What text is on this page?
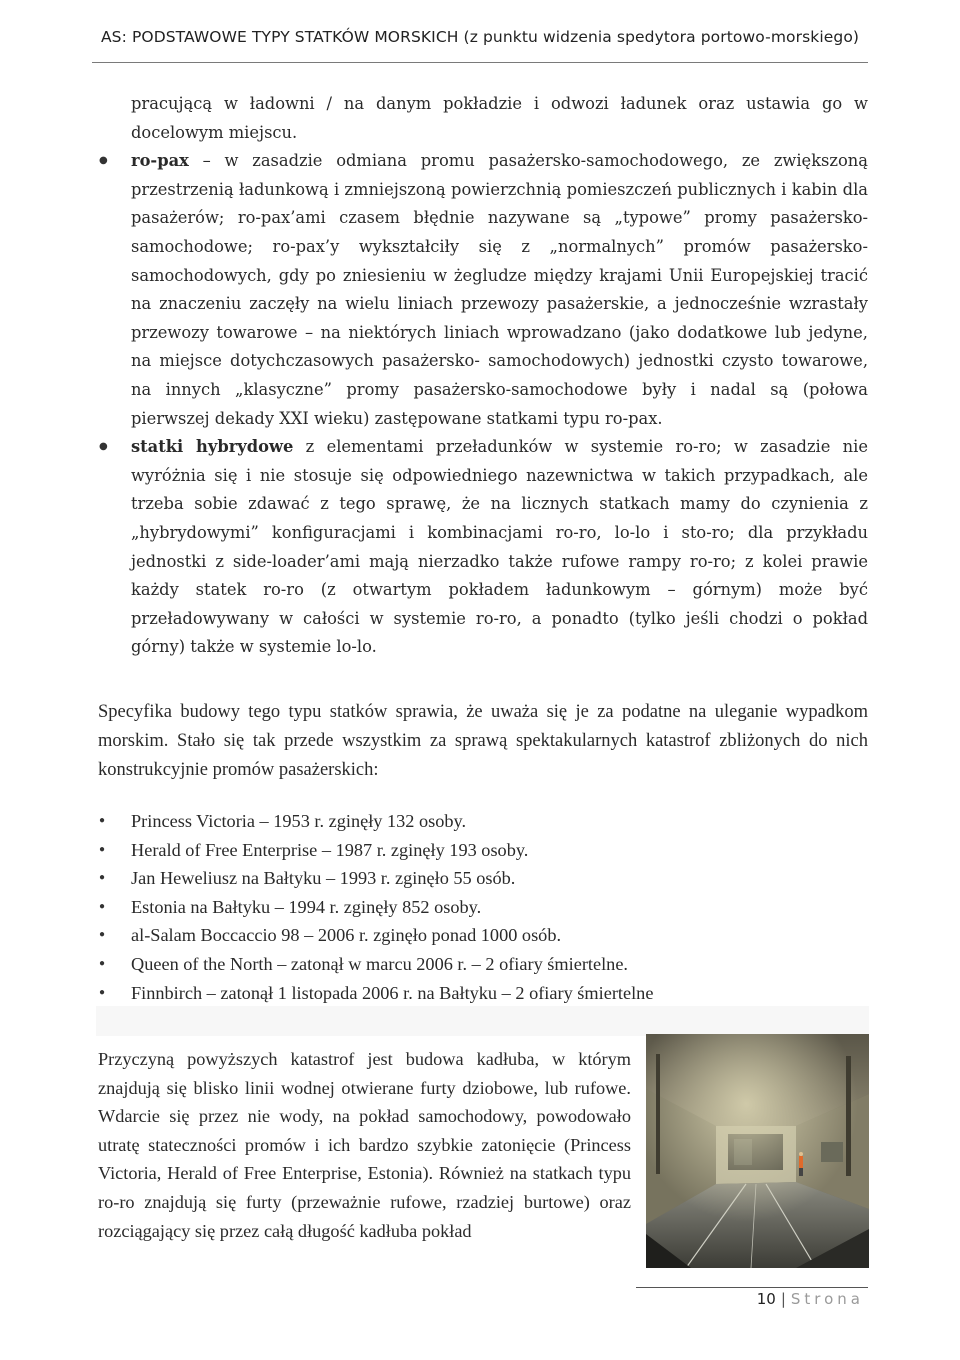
AS: PODSTAWOWE TYPY STATKÓW MORSKICH (z punktu widzenia spedytora portowo-morskiego)
pracującą w ładowni / na danym pokładzie i odwozi ładunek oraz ustawia go w docelowym miejscu.
● ro-pax – w zasadzie odmiana promu pasażersko-samochodowego, ze zwiększoną przestrzenią ładunkową i zmniejszoną powierzchnią pomieszczeń publicznych i kabin dla pasażerów; ro-pax’ami czasem błędnie nazywane są „typowe” promy pasażersko-samochodowe; ro-pax’y wykształciły się z „normalnych” promów pasażersko-samochodowych, gdy po zniesieniu w żegludze między krajami Unii Europejskiej tracić na znaczeniu zaczęły na wielu liniach przewozy pasażerskie, a jednocześnie wzrastały przewozy towarowe – na niektórych liniach wprowadzano (jako dodatkowe lub jedyne, na miejsce dotychczasowych pasażersko- samochodowych) jednostki czysto towarowe, na innych „klasyczne” promy pasażersko-samochodowe były i nadal są (połowa pierwszej dekady XXI wieku) zastępowane statkami typu ro-pax.
● statki hybrydowe z elementami przeładunków w systemie ro-ro; w zasadzie nie wyróżnia się i nie stosuje się odpowiedniego nazewnictwa w takich przypadkach, ale trzeba sobie zdawać z tego sprawę, że na licznych statkach mamy do czynienia z „hybrydowymi” konfiguracjami i kombinacjami ro-ro, lo-lo i sto-ro; dla przykładu jednostki z side-loader’ami mają nierzadko także rufowe rampy ro-ro; z kolei prawie każdy statek ro-ro (z otwartym pokładem ładunkowym – górnym) może być przeładowywany w całości w systemie ro-ro, a ponadto (tylko jeśli chodzi o pokład górny) także w systemie lo-lo.
Specyfika budowy tego typu statków sprawia, że uważa się je za podatne na uleganie wypadkom morskim. Stało się tak przede wszystkim za sprawą spektakularnych katastrof zbliżonych do nich konstrukcyjnie promów pasażerskich:
● Princess Victoria – 1953 r. zginęły 132 osoby.
● Herald of Free Enterprise – 1987 r. zginęły 193 osoby.
● Jan Heweliusz na Bałtyku – 1993 r. zginęło 55 osób.
● Estonia na Bałtyku – 1994 r. zginęły 852 osoby.
● al-Salam Boccaccio 98 – 2006 r. zginęło ponad 1000 osób.
● Queen of the North – zatonął w marcu 2006 r. – 2 ofiary śmiertelne.
● Finnbirch – zatonął 1 listopada 2006 r. na Bałtyku – 2 ofiary śmiertelne
Przyczyną powyższych katastrof jest budowa kadłuba, w którym znajdują się blisko linii wodnej otwierane furty dziobowe, lub rufowe. Wdarcie się przez nie wody, na pokład samochodowy, powodowało utratę stateczności promów i ich bardzo szybkie zatonięcie (Princess Victoria, Herald of Free Enterprise, Estonia). Również na statkach typu ro-ro znajdują się furty (przeważnie rufowe, rzadziej burtowe) oraz rozciągający się przez całą długość kadłuba pokład
10 | Strona
